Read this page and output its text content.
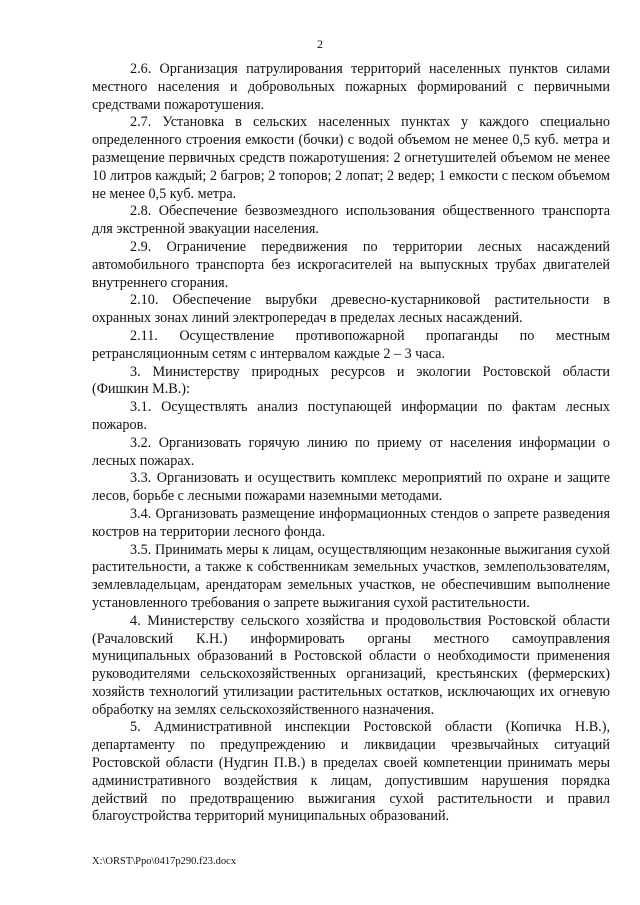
2

2.6. Организация патрулирования территорий населенных пунктов силами местного населения и добровольных пожарных формирований с первичными средствами пожаротушения.

2.7. Установка в сельских населенных пунктах у каждого специально определенного строения емкости (бочки) с водой объемом не менее 0,5 куб. метра и размещение первичных средств пожаротушения: 2 огнетушителей объемом не менее 10 литров каждый; 2 багров; 2 топоров; 2 лопат; 2 ведер; 1 емкости с песком объемом не менее 0,5 куб. метра.

2.8. Обеспечение безвозмездного использования общественного транспорта для экстренной эвакуации населения.

2.9. Ограничение передвижения по территории лесных насаждений автомобильного транспорта без искрогасителей на выпускных трубах двигателей внутреннего сгорания.

2.10. Обеспечение вырубки древесно-кустарниковой растительности в охранных зонах линий электропередач в пределах лесных насаждений.

2.11. Осуществление противопожарной пропаганды по местным ретрансляционным сетям с интервалом каждые 2 – 3 часа.

3. Министерству природных ресурсов и экологии Ростовской области (Фишкин М.В.):

3.1. Осуществлять анализ поступающей информации по фактам лесных пожаров.

3.2. Организовать горячую линию по приему от населения информации о лесных пожарах.

3.3. Организовать и осуществить комплекс мероприятий по охране и защите лесов, борьбе с лесными пожарами наземными методами.

3.4. Организовать размещение информационных стендов о запрете разведения костров на территории лесного фонда.

3.5. Принимать меры к лицам, осуществляющим незаконные выжигания сухой растительности, а также к собственникам земельных участков, землепользователям, землевладельцам, арендаторам земельных участков, не обеспечившим выполнение установленного требования о запрете выжигания сухой растительности.

4. Министерству сельского хозяйства и продовольствия Ростовской области (Рачаловский К.Н.) информировать органы местного самоуправления муниципальных образований в Ростовской области о необходимости применения руководителями сельскохозяйственных организаций, крестьянских (фермерских) хозяйств технологий утилизации растительных остатков, исключающих их огневую обработку на землях сельскохозяйственного назначения.

5. Административной инспекции Ростовской области (Копичка Н.В.), департаменту по предупреждению и ликвидации чрезвычайных ситуаций Ростовской области (Нудгин П.В.) в пределах своей компетенции принимать меры административного воздействия к лицам, допустившим нарушения порядка действий по предотвращению выжигания сухой растительности и правил благоустройства территорий муниципальных образований.

X:\ORST\Ppo\0417p290.f23.docx
